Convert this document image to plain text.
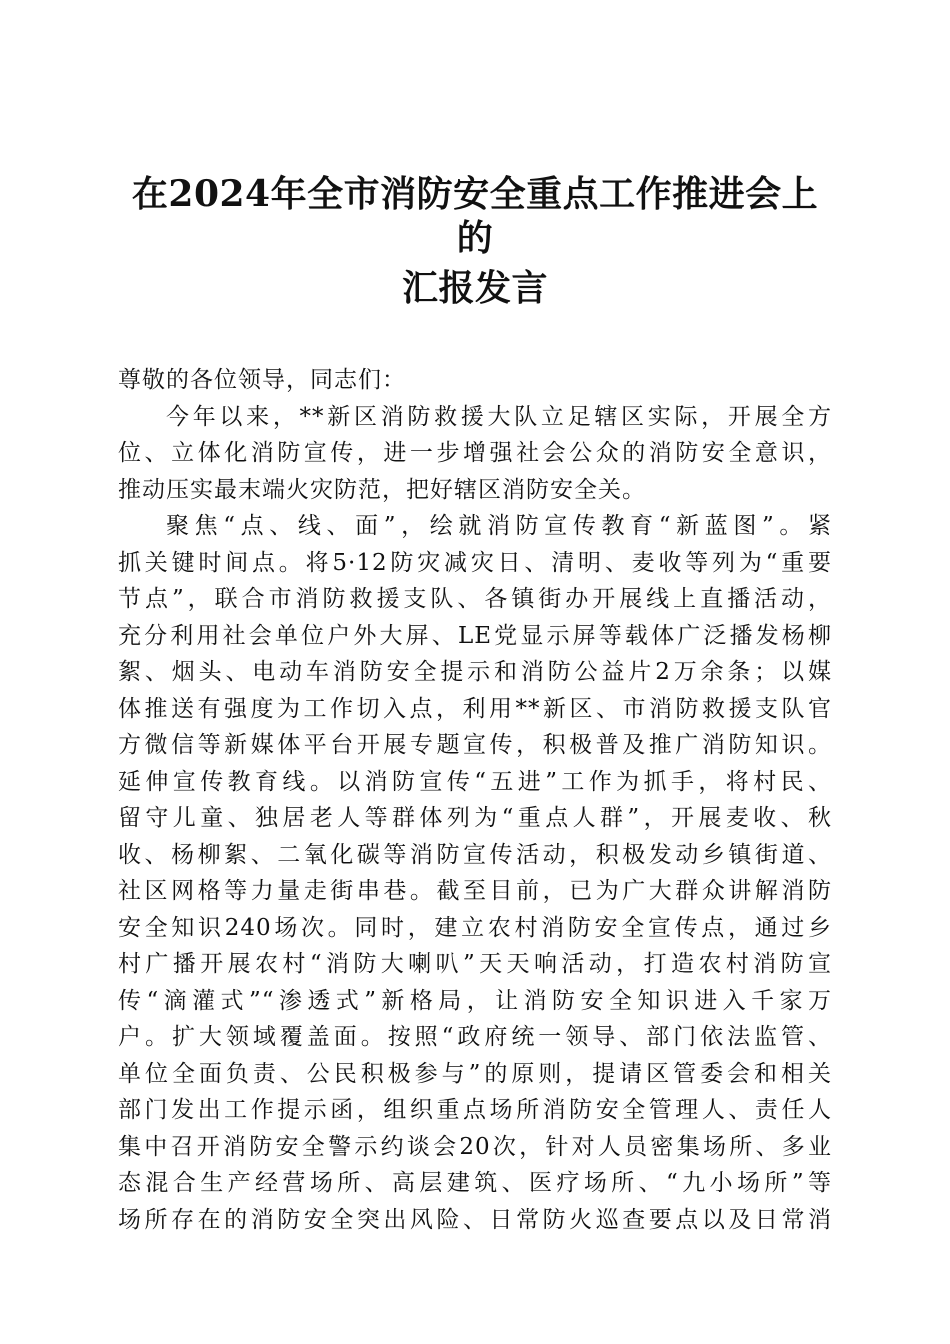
在2024年全市消防安全重点工作推进会上的
汇报发言
尊敬的各位领导，同志们：
今年以来，**新区消防救援大队立足辖区实际，开展全方
位、立体化消防宣传，进一步增强社会公众的消防安全意识，
推动压实最末端火灾防范，把好辖区消防安全关。
聚焦“点、线、面”，绘就消防宣传教育“新蓝图”。紧
抓关键时间点。将5·12防灾减灾日、清明、麦收等列为“重要
节点”，联合市消防救援支队、各镇街办开展线上直播活动，
充分利用社会单位户外大屏、LE党显示屏等载体广泛播发杨柳
絮、烟头、电动车消防安全提示和消防公益片2万余条；以媒
体推送有强度为工作切入点，利用**新区、市消防救援支队官
方微信等新媒体平台开展专题宣传，积极普及推广消防知识。
延伸宣传教育线。以消防宣传“五进”工作为抓手，将村民、
留守儿童、独居老人等群体列为“重点人群”，开展麦收、秋
收、杨柳絮、二氧化碳等消防宣传活动，积极发动乡镇街道、
社区网格等力量走街串巷。截至目前，已为广大群众讲解消防
安全知识240场次。同时，建立农村消防安全宣传点，通过乡
村广播开展农村“消防大喇叭”天天响活动，打造农村消防宣
传“滴灌式”“渗透式”新格局，让消防安全知识进入千家万
户。扩大领域覆盖面。按照“政府统一领导、部门依法监管、
单位全面负责、公民积极参与”的原则，提请区管委会和相关
部门发出工作提示函，组织重点场所消防安全管理人、责任人
集中召开消防安全警示约谈会20次，针对人员密集场所、多业
态混合生产经营场所、高层建筑、医疗场所、“九小场所”等
场所存在的消防安全突出风险、日常防火巡查要点以及日常消
